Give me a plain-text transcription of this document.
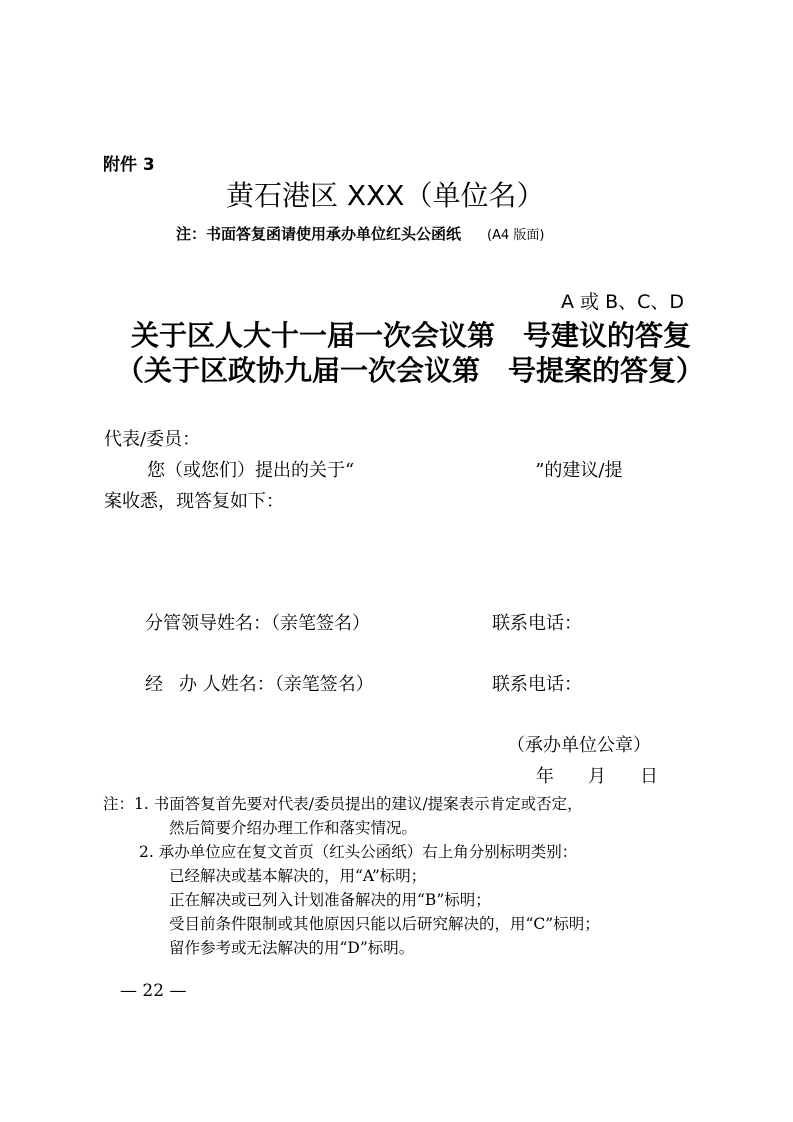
附件 3
黄石港区 XXX（单位名）
注：书面答复函请使用承办单位红头公函纸 (A4 版面)
A 或 B、C、D
关于区人大十一届一次会议第　号建议的答复
（关于区政协九届一次会议第　号提案的答复）
代表/委员：
您（或您们）提出的关于“	”的建议/提
案收悉，现答复如下：
分管领导姓名：（亲笔签名）	联系电话：
经 办 人姓名：（亲笔签名）	联系电话：
（承办单位公章）
年 月 日
注：1. 书面答复首先要对代表/委员提出的建议/提案表示肯定或否定，
然后简要介绍办理工作和落实情况。
2. 承办单位应在复文首页（红头公函纸）右上角分别标明类别：
已经解决或基本解决的，用“A”标明；
正在解决或已列入计划准备解决的用“B”标明；
受目前条件限制或其他原因只能以后研究解决的，用“C”标明；
留作参考或无法解决的用“D”标明。
— 22 —
